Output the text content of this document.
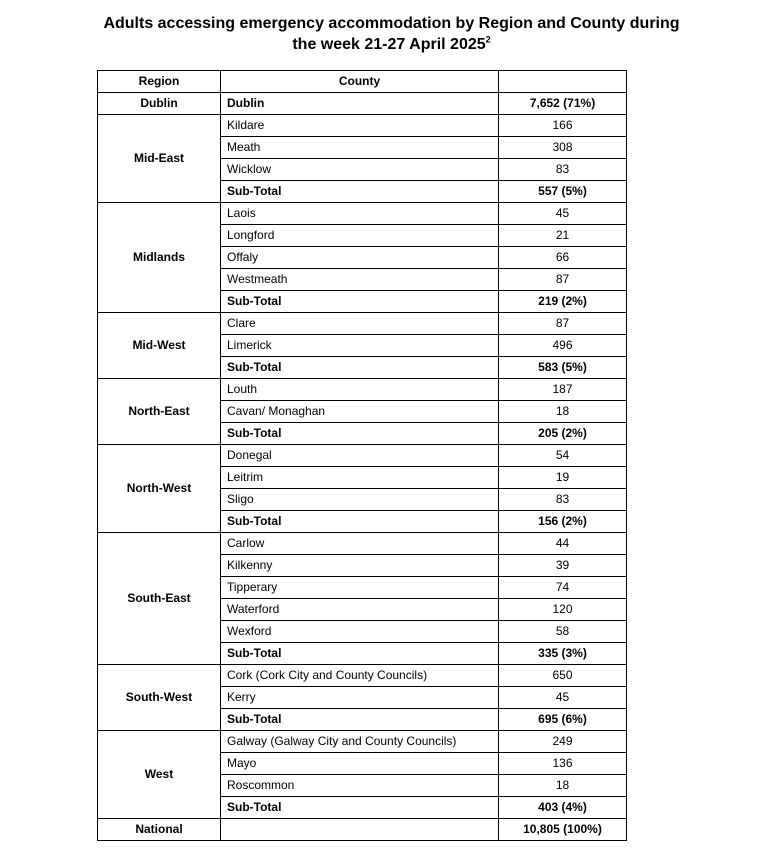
Adults accessing emergency accommodation by Region and County during the week 21-27 April 2025$^2$
Region	County	
Dublin	Dublin	7,652 (71%)
Mid-East	Kildare	166
	Meath	308
	Wicklow	83
	Sub-Total	557 (5%)
Midlands	Laois	45
	Longford	21
	Offaly	66
	Westmeath	87
	Sub-Total	219 (2%)
Mid-West	Clare	87
	Limerick	496
	Sub-Total	583 (5%)
North-East	Louth	187
	Cavan/ Monaghan	18
	Sub-Total	205 (2%)
North-West	Donegal	54
	Leitrim	19
	Sligo	83
	Sub-Total	156 (2%)
South-East	Carlow	44
	Kilkenny	39
	Tipperary	74
	Waterford	120
	Wexford	58
	Sub-Total	335 (3%)
South-West	Cork (Cork City and County Councils)	650
	Kerry	45
	Sub-Total	695 (6%)
West	Galway (Galway City and County Councils)	249
	Mayo	136
	Roscommon	18
	Sub-Total	403 (4%)
National		10,805 (100%)
